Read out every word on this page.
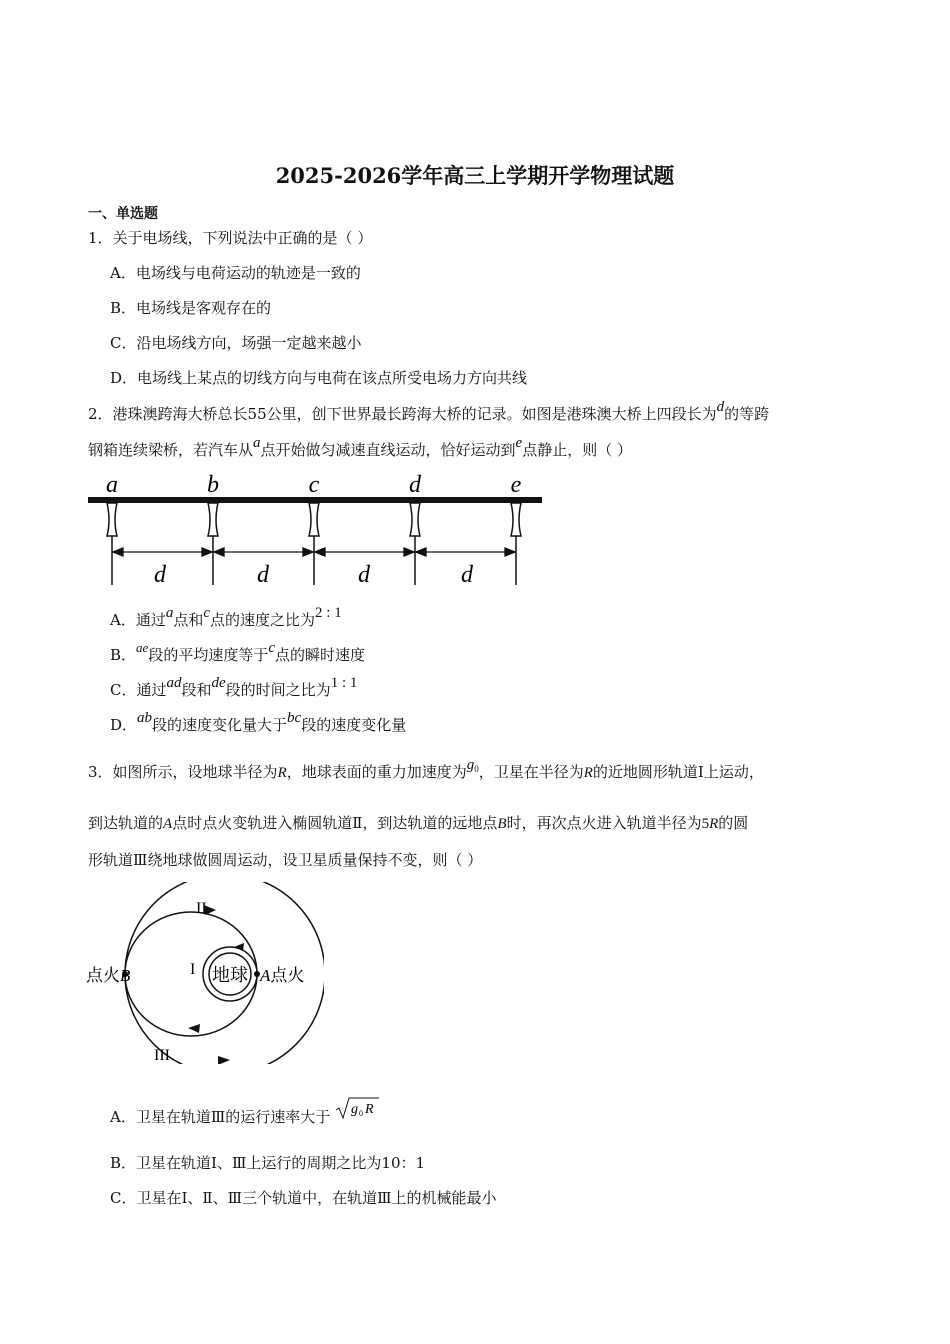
2025-2026学年高三上学期开学物理试题
一、单选题
1．关于电场线，下列说法中正确的是（ ）
A．电场线与电荷运动的轨迹是一致的
B．电场线是客观存在的
C．沿电场线方向，场强一定越来越小
D．电场线上某点的切线方向与电荷在该点所受电场力方向共线
2．港珠澳跨海大桥总长55公里，创下世界最长跨海大桥的记录。如图是港珠澳大桥上四段长为d的等跨
钢箱连续梁桥，若汽车从a点开始做匀减速直线运动，恰好运动到e点静止，则（ ）
a	b	c	d	e
d	d	d	d
A．通过a点和c点的速度之比为2 : 1
B．ae段的平均速度等于c点的瞬时速度
C．通过ad段和de段的时间之比为1 : 1
D．ab段的速度变化量大于bc段的速度变化量
3．如图所示，设地球半径为R，地球表面的重力加速度为$g^0$，卫星在半径为R的近地圆形轨道Ⅰ上运动，
到达轨道的A点时点火变轨进入椭圆轨道Ⅱ，到达轨道的远地点B时，再次点火进入轨道半径为5R的圆
形轨道Ⅲ绕地球做圆周运动，设卫星质量保持不变，则（ ）
地球
II
I
III
点火B	A点火
A．卫星在轨道Ⅲ的运行速率大于 g 0 R
B．卫星在轨道Ⅰ、Ⅲ上运行的周期之比为10：1
C．卫星在Ⅰ、Ⅱ、Ⅲ三个轨道中，在轨道Ⅲ上的机械能最小
